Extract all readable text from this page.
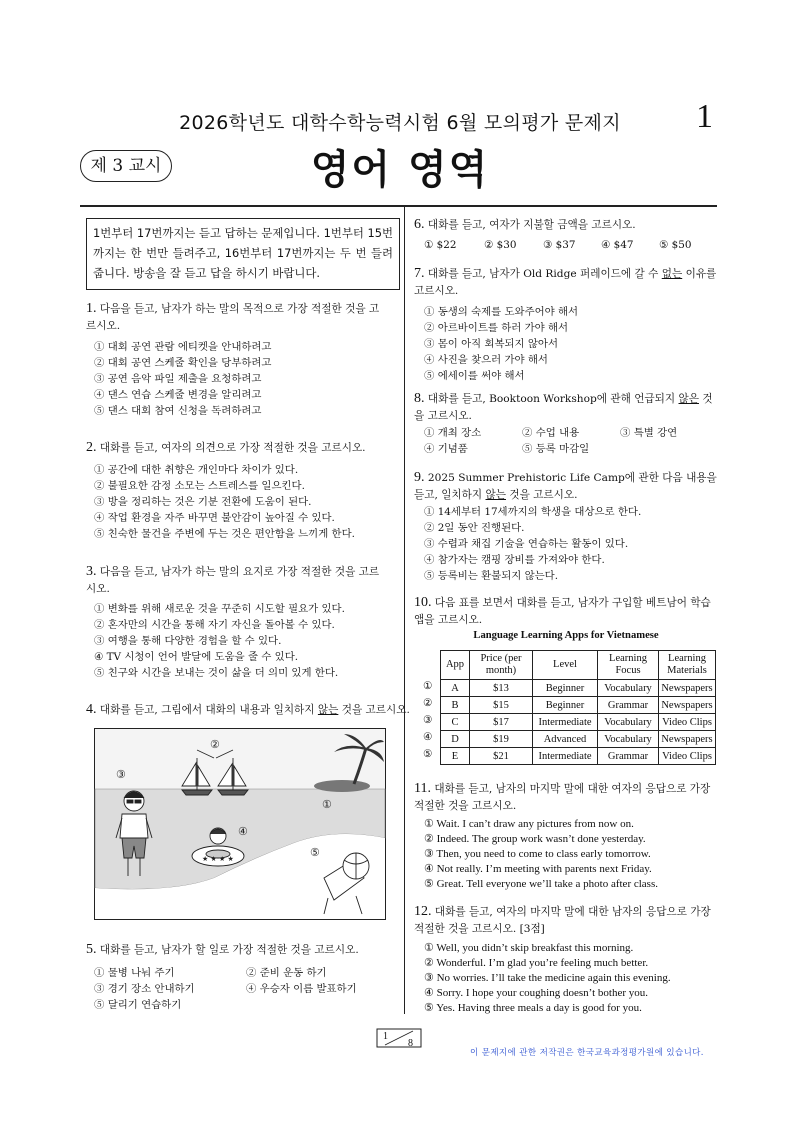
2026학년도 대학수학능력시험 6월 모의평가 문제지	1
제 3 교시	영어 영역
1번부터 17번까지는 듣고 답하는 문제입니다. 1번부터 15번까지는 한 번만 들려주고, 16번부터 17번까지는 두 번 들려줍니다. 방송을 잘 듣고 답을 하시기 바랍니다.
1. 다음을 듣고, 남자가 하는 말의 목적으로 가장 적절한 것을 고르시오.
① 대회 공연 관람 에티켓을 안내하려고
② 대회 공연 스케줄 확인을 당부하려고
③ 공연 음악 파일 제출을 요청하려고
④ 댄스 연습 스케줄 변경을 알리려고
⑤ 댄스 대회 참여 신청을 독려하려고
2. 대화를 듣고, 여자의 의견으로 가장 적절한 것을 고르시오.
① 공간에 대한 취향은 개인마다 차이가 있다.
② 불필요한 감정 소모는 스트레스를 일으킨다.
③ 방을 정리하는 것은 기분 전환에 도움이 된다.
④ 작업 환경을 자주 바꾸면 불안감이 높아질 수 있다.
⑤ 친숙한 물건을 주변에 두는 것은 편안함을 느끼게 한다.
3. 다음을 듣고, 남자가 하는 말의 요지로 가장 적절한 것을 고르시오.
① 변화를 위해 새로운 것을 꾸준히 시도할 필요가 있다.
② 혼자만의 시간을 통해 자기 자신을 돌아볼 수 있다.
③ 여행을 통해 다양한 경험을 할 수 있다.
④ TV 시청이 언어 발달에 도움을 줄 수 있다.
⑤ 친구와 시간을 보내는 것이 삶을 더 의미 있게 한다.
4. 대화를 듣고, 그림에서 대화의 내용과 일치하지 않는 것을 고르시오.
★ ★ ★ ★
②
③
①
④
⑤
5. 대화를 듣고, 남자가 할 일로 가장 적절한 것을 고르시오.
① 물병 나눠 주기	② 준비 운동 하기
③ 경기 장소 안내하기	④ 우승자 이름 발표하기
⑤ 달리기 연습하기
6. 대화를 듣고, 여자가 지불할 금액을 고르시오.
① $22	② $30	③ $37 ④ $47 ⑤ $50
7. 대화를 듣고, 남자가 Old Ridge 퍼레이드에 갈 수 없는 이유를 고르시오.
① 동생의 숙제를 도와주어야 해서
② 아르바이트를 하러 가야 해서
③ 몸이 아직 회복되지 않아서
④ 사진을 찾으러 가야 해서
⑤ 에세이를 써야 해서
8. 대화를 듣고, Booktoon Workshop에 관해 언급되지 않은 것을 고르시오.
① 개최 장소	② 수업 내용	③ 특별 강연
④ 기념품	⑤ 등록 마감일
9. 2025 Summer Prehistoric Life Camp에 관한 다음 내용을 듣고, 일치하지 않는 것을 고르시오.
① 14세부터 17세까지의 학생을 대상으로 한다.
② 2일 동안 진행된다.
③ 수렵과 채집 기술을 연습하는 활동이 있다.
④ 참가자는 캠핑 장비를 가져와야 한다.
⑤ 등록비는 환불되지 않는다.
10. 다음 표를 보면서 대화를 듣고, 남자가 구입할 베트남어 학습 앱을 고르시오.
Language Learning Apps for Vietnamese
①
②
③
④
⑤
App	Price (per month)	Level	Learning Focus	Learning Materials
A	$13	Beginner	Vocabulary	Newspapers
B	$15	Beginner	Grammar	Newspapers
C	$17	Intermediate	Vocabulary	Video Clips
D	$19	Advanced	Vocabulary	Newspapers
E	$21	Intermediate	Grammar	Video Clips
11. 대화를 듣고, 남자의 마지막 말에 대한 여자의 응답으로 가장 적절한 것을 고르시오.
① Wait. I can’t draw any pictures from now on.
② Indeed. The group work wasn’t done yesterday.
③ Then, you need to come to class early tomorrow.
④ Not really. I’m meeting with parents next Friday.
⑤ Great. Tell everyone we’ll take a photo after class.
12. 대화를 듣고, 여자의 마지막 말에 대한 남자의 응답으로 가장 적절한 것을 고르시오. [3점]
① Well, you didn’t skip breakfast this morning.
② Wonderful. I’m glad you’re feeling much better.
③ No worries. I’ll take the medicine again this evening.
④ Sorry. I hope your coughing doesn’t bother you.
⑤ Yes. Having three meals a day is good for you.
1
8
이 문제지에 관한 저작권은 한국교육과정평가원에 있습니다.
